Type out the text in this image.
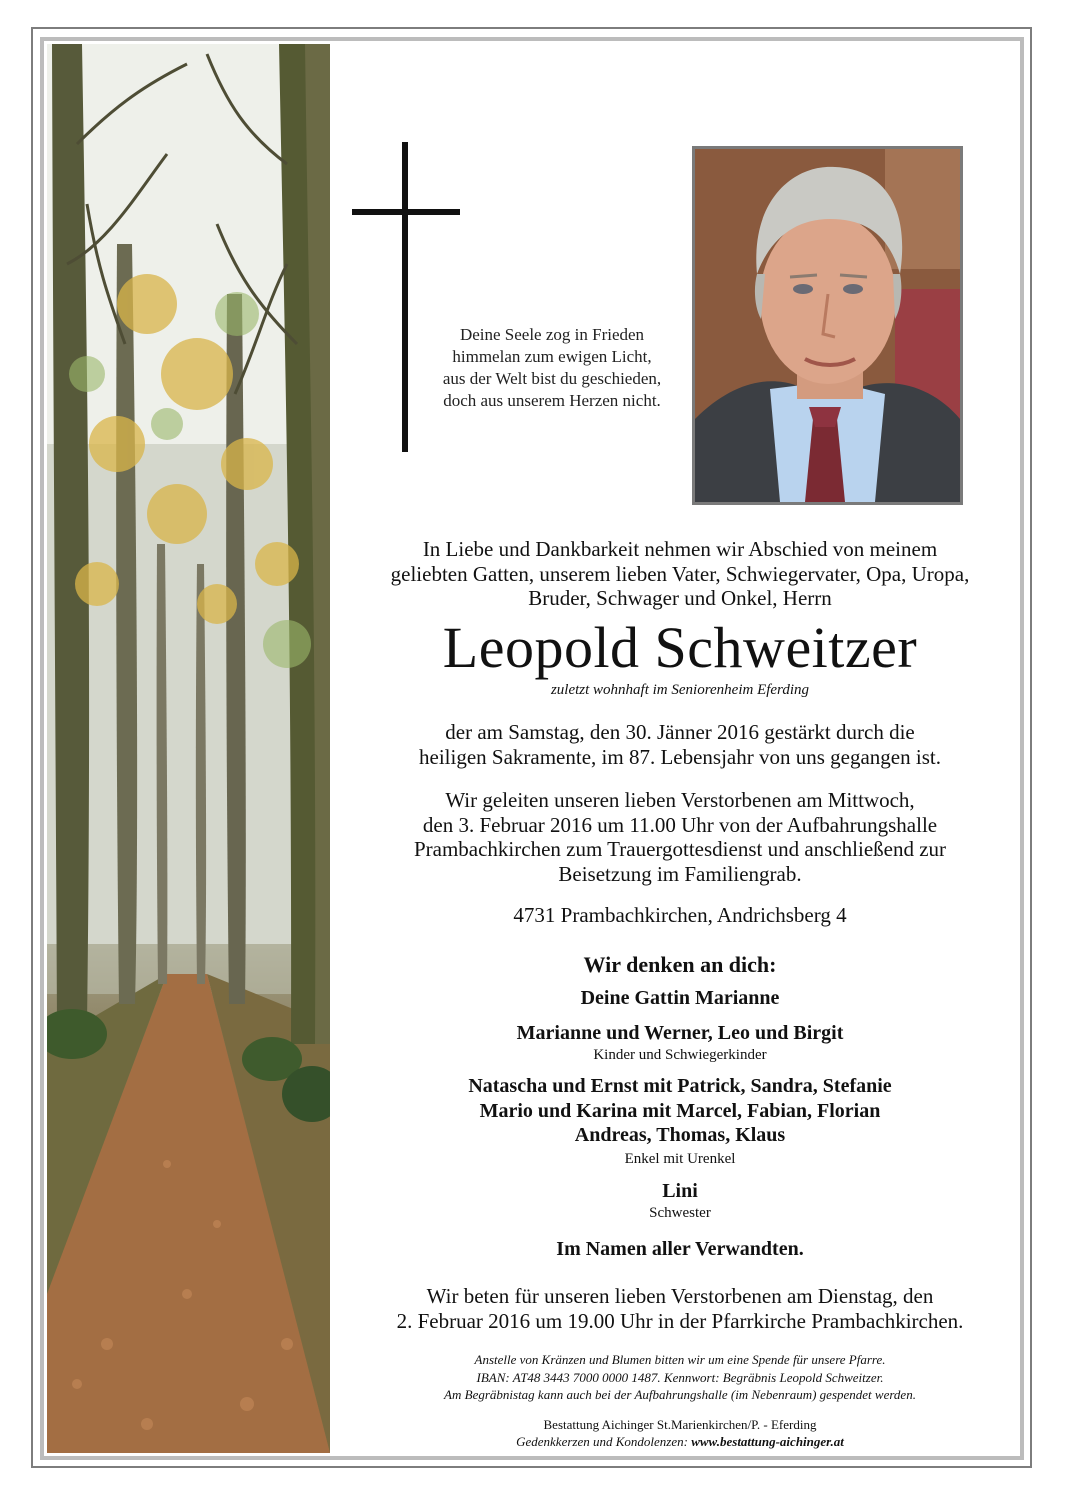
Deine Seele zog in Frieden
himmelan zum ewigen Licht,
aus der Welt bist du geschieden,
doch aus unserem Herzen nicht.
In Liebe und Dankbarkeit nehmen wir Abschied von meinem
geliebten Gatten, unserem lieben Vater, Schwiegervater, Opa, Uropa,
Bruder, Schwager und Onkel, Herrn
Leopold Schweitzer
zuletzt wohnhaft im Seniorenheim Eferding
der am Samstag, den 30. Jänner 2016 gestärkt durch die
heiligen Sakramente, im 87. Lebensjahr von uns gegangen ist.
Wir geleiten unseren lieben Verstorbenen am Mittwoch,
den 3. Februar 2016 um 11.00 Uhr von der Aufbahrungshalle
Prambachkirchen zum Trauergottesdienst und anschließend zur
Beisetzung im Familiengrab.
4731 Prambachkirchen, Andrichsberg 4
Wir denken an dich:
Deine Gattin Marianne
Marianne und Werner, Leo und Birgit
Kinder und Schwiegerkinder
Natascha und Ernst mit Patrick, Sandra, Stefanie
Mario und Karina mit Marcel, Fabian, Florian
Andreas, Thomas, Klaus
Enkel mit Urenkel
Lini
Schwester
Im Namen aller Verwandten.
Wir beten für unseren lieben Verstorbenen am Dienstag, den
2. Februar 2016 um 19.00 Uhr in der Pfarrkirche Prambachkirchen.
Anstelle von Kränzen und Blumen bitten wir um eine Spende für unsere Pfarre.
IBAN: AT48 3443 7000 0000 1487. Kennwort: Begräbnis Leopold Schweitzer.
Am Begräbnistag kann auch bei der Aufbahrungshalle (im Nebenraum) gespendet werden.
Bestattung Aichinger St.Marienkirchen/P. - Eferding
Gedenkkerzen und Kondolenzen: www.bestattung-aichinger.at
